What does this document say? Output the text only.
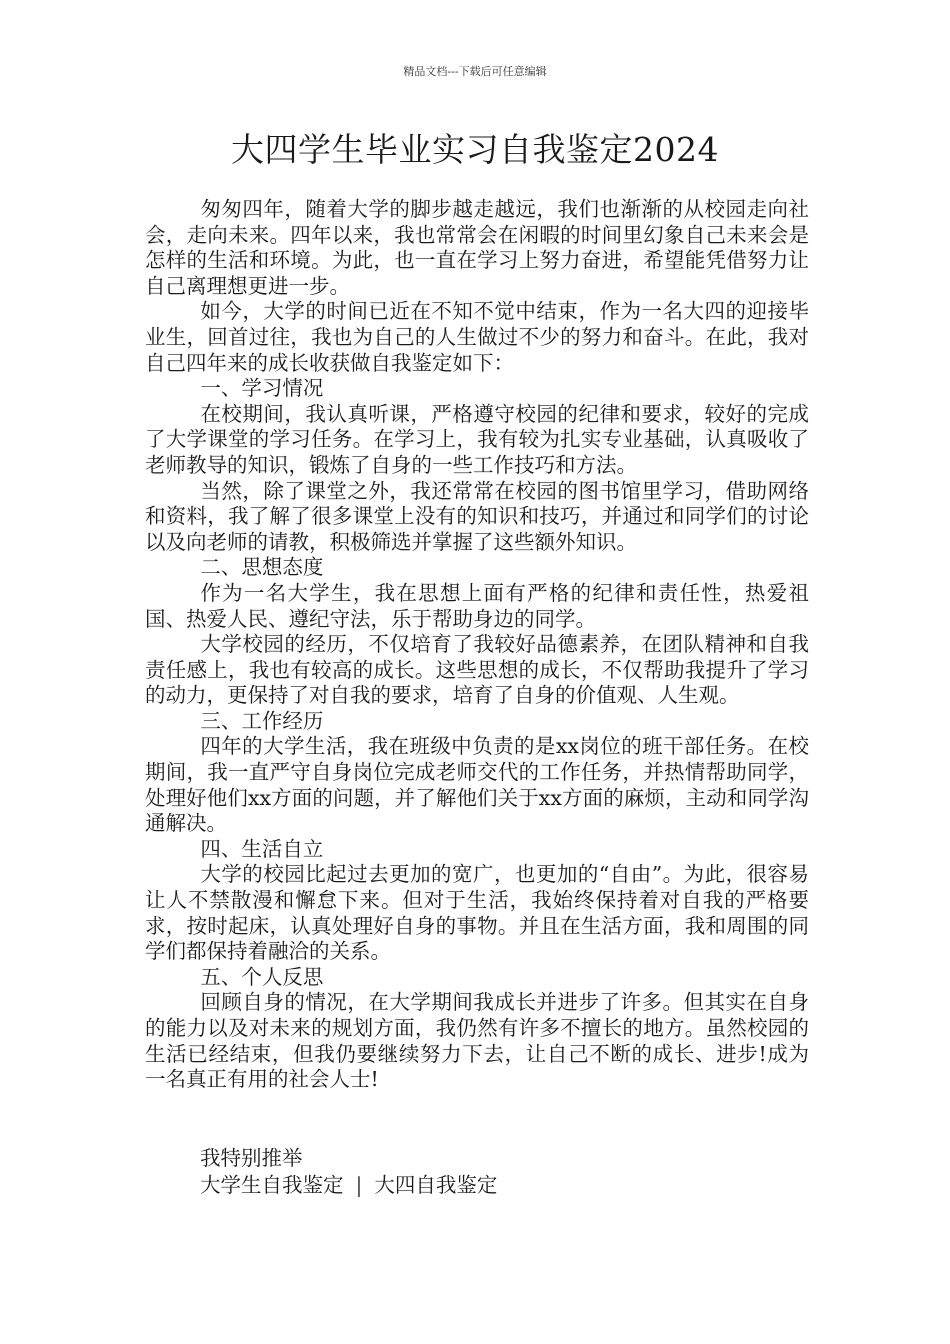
精品文档---下载后可任意编辑
大四学生毕业实习自我鉴定2024

匆匆四年，随着大学的脚步越走越远，我们也渐渐的从校园走向社会，走向未来。四年以来，我也常常会在闲暇的时间里幻象自己未来会是怎样的生活和环境。为此，也一直在学习上努力奋进，希望能凭借努力让自己离理想更进一步。

如今，大学的时间已近在不知不觉中结束，作为一名大四的迎接毕业生，回首过往，我也为自己的人生做过不少的努力和奋斗。在此，我对自己四年来的成长收获做自我鉴定如下：

一、学习情况

在校期间，我认真听课，严格遵守校园的纪律和要求，较好的完成了大学课堂的学习任务。在学习上，我有较为扎实专业基础，认真吸收了老师教导的知识，锻炼了自身的一些工作技巧和方法。

当然，除了课堂之外，我还常常在校园的图书馆里学习，借助网络和资料，我了解了很多课堂上没有的知识和技巧，并通过和同学们的讨论以及向老师的请教，积极筛选并掌握了这些额外知识。

二、思想态度

作为一名大学生，我在思想上面有严格的纪律和责任性，热爱祖国、热爱人民、遵纪守法，乐于帮助身边的同学。

大学校园的经历，不仅培育了我较好品德素养，在团队精神和自我责任感上，我也有较高的成长。这些思想的成长，不仅帮助我提升了学习的动力，更保持了对自我的要求，培育了自身的价值观、人生观。

三、工作经历

四年的大学生活，我在班级中负责的是xx岗位的班干部任务。在校期间，我一直严守自身岗位完成老师交代的工作任务，并热情帮助同学，处理好他们xx方面的问题，并了解他们关于xx方面的麻烦，主动和同学沟通解决。

四、生活自立

大学的校园比起过去更加的宽广，也更加的“自由”。为此，很容易让人不禁散漫和懈怠下来。但对于生活，我始终保持着对自我的严格要求，按时起床，认真处理好自身的事物。并且在生活方面，我和周围的同学们都保持着融洽的关系。

五、个人反思

回顾自身的情况，在大学期间我成长并进步了许多。但其实在自身的能力以及对未来的规划方面，我仍然有许多不擅长的地方。虽然校园的生活已经结束，但我仍要继续努力下去，让自己不断的成长、进步!成为一名真正有用的社会人士!

我特别推举
大学生自我鉴定 | 大四自我鉴定
